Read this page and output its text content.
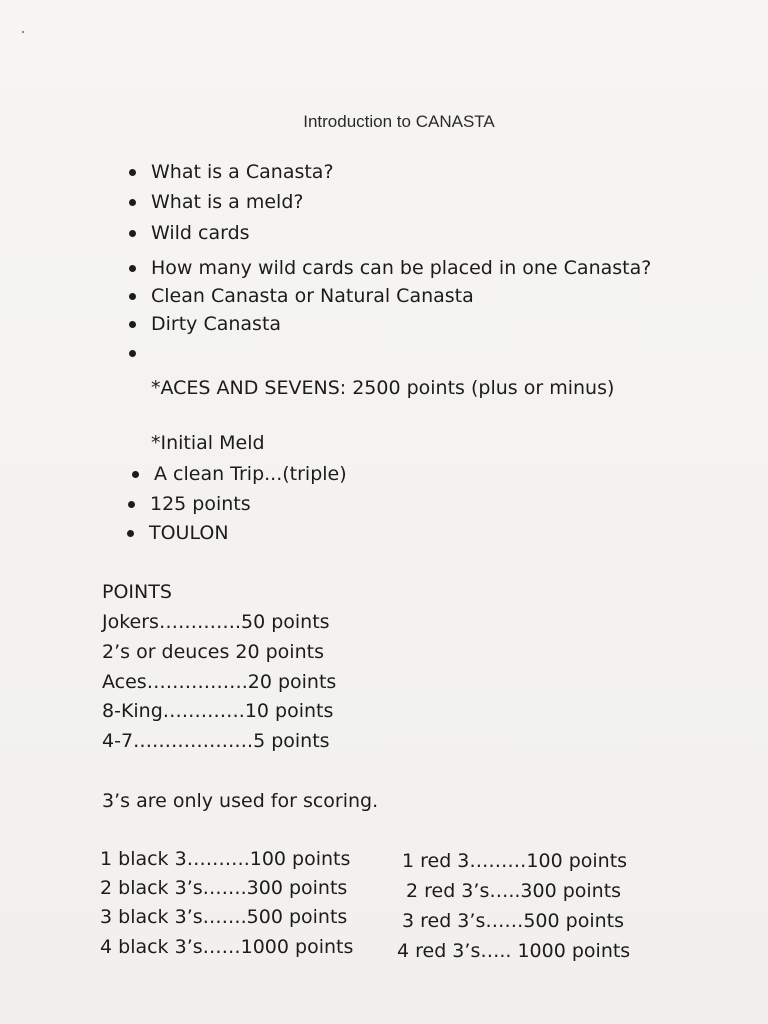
Introduction to CANASTA
What is a Canasta?
What is a meld?
Wild cards
How many wild cards can be placed in one Canasta?
Clean Canasta or Natural Canasta
Dirty Canasta
*ACES AND SEVENS: 2500 points (plus or minus)
*Initial Meld
A clean Trip...(triple)
125 points
TOULON
POINTS
Jokers………….50 points
2’s or deuces 20 points
Aces…………….20 points
8-King………….10 points
4-7……………….5 points
3’s are only used for scoring.
1 black 3……….100 points
2 black 3’s…….300 points
3 black 3’s…….500 points
4 black 3’s……1000 points
1 red 3………100 points
2 red 3’s…..300 points
3 red 3’s……500 points
4 red 3’s….. 1000 points
